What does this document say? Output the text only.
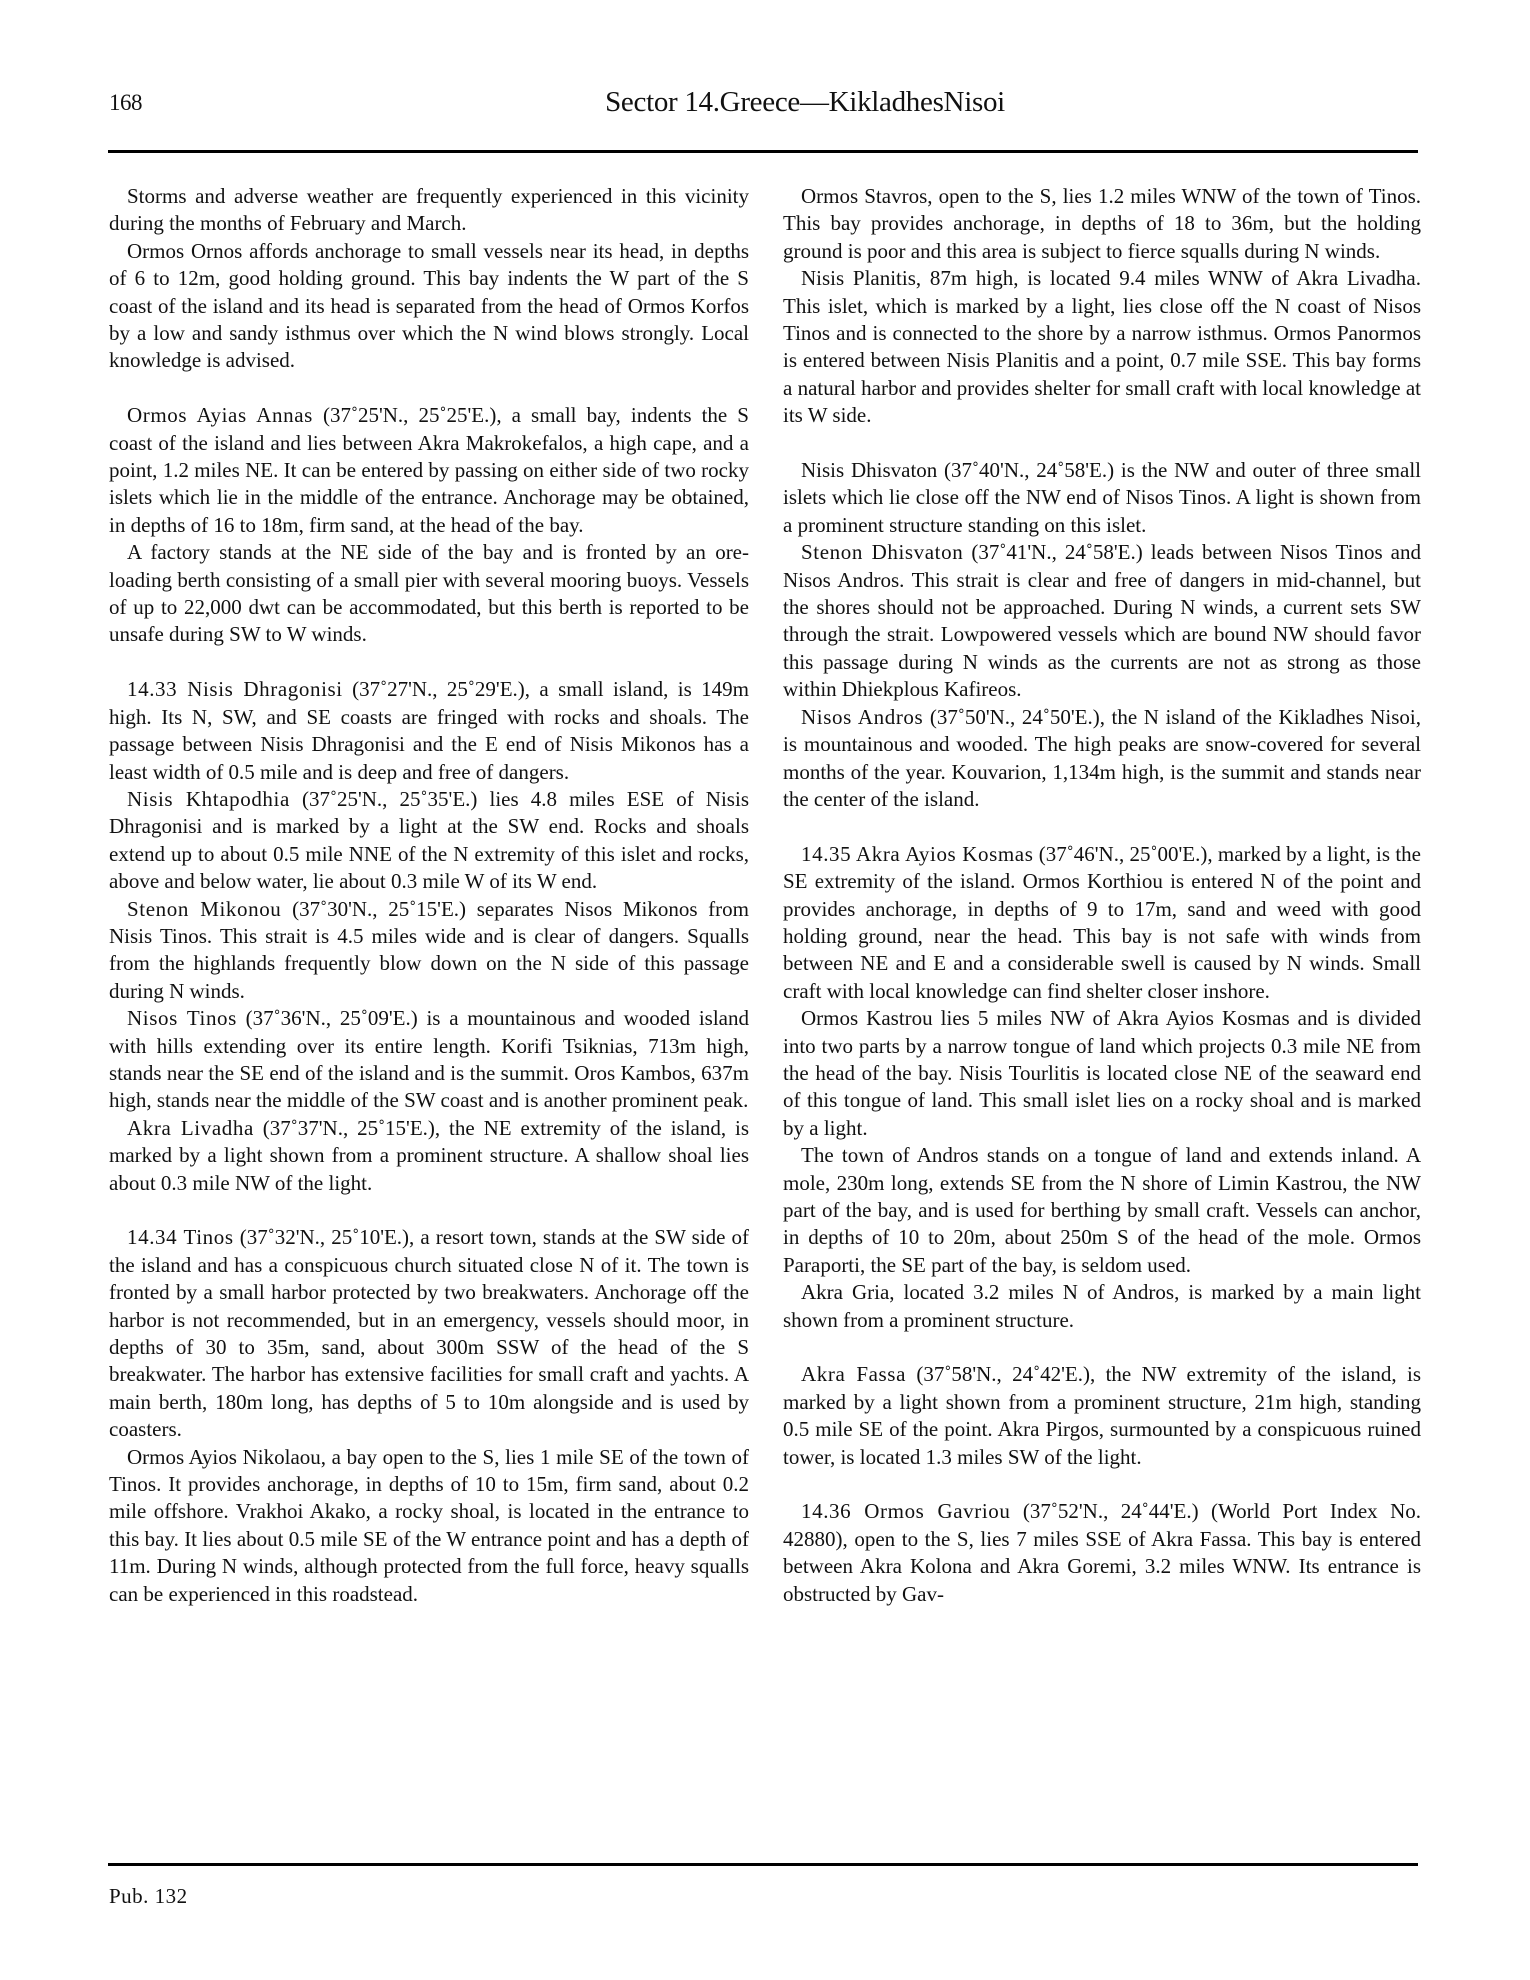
168	Sector 14.Greece—KikladhesNisoi

Storms and adverse weather are frequently experienced in this vicinity during the months of February and March.

Ormos Ornos affords anchorage to small vessels near its head, in depths of 6 to 12m, good holding ground. This bay indents the W part of the S coast of the island and its head is separated from the head of Ormos Korfos by a low and sandy isthmus over which the N wind blows strongly. Local knowledge is advised.

Ormos Ayias Annas (37˚25'N., 25˚25'E.), a small bay, indents the S coast of the island and lies between Akra Makrokefalos, a high cape, and a point, 1.2 miles NE. It can be entered by passing on either side of two rocky islets which lie in the middle of the entrance. Anchorage may be obtained, in depths of 16 to 18m, firm sand, at the head of the bay.

A factory stands at the NE side of the bay and is fronted by an ore-loading berth consisting of a small pier with several mooring buoys. Vessels of up to 22,000 dwt can be accommodated, but this berth is reported to be unsafe during SW to W winds.

14.33 Nisis Dhragonisi (37˚27'N., 25˚29'E.), a small island, is 149m high. Its N, SW, and SE coasts are fringed with rocks and shoals. The passage between Nisis Dhragonisi and the E end of Nisis Mikonos has a least width of 0.5 mile and is deep and free of dangers.

Nisis Khtapodhia (37˚25'N., 25˚35'E.) lies 4.8 miles ESE of Nisis Dhragonisi and is marked by a light at the SW end. Rocks and shoals extend up to about 0.5 mile NNE of the N extremity of this islet and rocks, above and below water, lie about 0.3 mile W of its W end.

Stenon Mikonou (37˚30'N., 25˚15'E.) separates Nisos Mikonos from Nisis Tinos. This strait is 4.5 miles wide and is clear of dangers. Squalls from the highlands frequently blow down on the N side of this passage during N winds.

Nisos Tinos (37˚36'N., 25˚09'E.) is a mountainous and wooded island with hills extending over its entire length. Korifi Tsiknias, 713m high, stands near the SE end of the island and is the summit. Oros Kambos, 637m high, stands near the middle of the SW coast and is another prominent peak.

Akra Livadha (37˚37'N., 25˚15'E.), the NE extremity of the island, is marked by a light shown from a prominent structure. A shallow shoal lies about 0.3 mile NW of the light.

14.34 Tinos (37˚32'N., 25˚10'E.), a resort town, stands at the SW side of the island and has a conspicuous church situated close N of it. The town is fronted by a small harbor protected by two breakwaters. Anchorage off the harbor is not recommended, but in an emergency, vessels should moor, in depths of 30 to 35m, sand, about 300m SSW of the head of the S breakwater. The harbor has extensive facilities for small craft and yachts. A main berth, 180m long, has depths of 5 to 10m alongside and is used by coasters.

Ormos Ayios Nikolaou, a bay open to the S, lies 1 mile SE of the town of Tinos. It provides anchorage, in depths of 10 to 15m, firm sand, about 0.2 mile offshore. Vrakhoi Akako, a rocky shoal, is located in the entrance to this bay. It lies about 0.5 mile SE of the W entrance point and has a depth of 11m. During N winds, although protected from the full force, heavy squalls can be experienced in this roadstead.

Ormos Stavros, open to the S, lies 1.2 miles WNW of the town of Tinos. This bay provides anchorage, in depths of 18 to 36m, but the holding ground is poor and this area is subject to fierce squalls during N winds.

Nisis Planitis, 87m high, is located 9.4 miles WNW of Akra Livadha. This islet, which is marked by a light, lies close off the N coast of Nisos Tinos and is connected to the shore by a narrow isthmus. Ormos Panormos is entered between Nisis Planitis and a point, 0.7 mile SSE. This bay forms a natural harbor and provides shelter for small craft with local knowledge at its W side.

Nisis Dhisvaton (37˚40'N., 24˚58'E.) is the NW and outer of three small islets which lie close off the NW end of Nisos Tinos. A light is shown from a prominent structure standing on this islet.

Stenon Dhisvaton (37˚41'N., 24˚58'E.) leads between Nisos Tinos and Nisos Andros. This strait is clear and free of dangers in mid-channel, but the shores should not be approached. During N winds, a current sets SW through the strait. Lowpowered vessels which are bound NW should favor this passage during N winds as the currents are not as strong as those within Dhiekplous Kafireos.

Nisos Andros (37˚50'N., 24˚50'E.), the N island of the Kikladhes Nisoi, is mountainous and wooded. The high peaks are snow-covered for several months of the year. Kouvarion, 1,134m high, is the summit and stands near the center of the island.

14.35 Akra Ayios Kosmas (37˚46'N., 25˚00'E.), marked by a light, is the SE extremity of the island. Ormos Korthiou is entered N of the point and provides anchorage, in depths of 9 to 17m, sand and weed with good holding ground, near the head. This bay is not safe with winds from between NE and E and a considerable swell is caused by N winds. Small craft with local knowledge can find shelter closer inshore.

Ormos Kastrou lies 5 miles NW of Akra Ayios Kosmas and is divided into two parts by a narrow tongue of land which projects 0.3 mile NE from the head of the bay. Nisis Tourlitis is located close NE of the seaward end of this tongue of land. This small islet lies on a rocky shoal and is marked by a light.

The town of Andros stands on a tongue of land and extends inland. A mole, 230m long, extends SE from the N shore of Limin Kastrou, the NW part of the bay, and is used for berthing by small craft. Vessels can anchor, in depths of 10 to 20m, about 250m S of the head of the mole. Ormos Paraporti, the SE part of the bay, is seldom used.

Akra Gria, located 3.2 miles N of Andros, is marked by a main light shown from a prominent structure.

Akra Fassa (37˚58'N., 24˚42'E.), the NW extremity of the island, is marked by a light shown from a prominent structure, 21m high, standing 0.5 mile SE of the point. Akra Pirgos, surmounted by a conspicuous ruined tower, is located 1.3 miles SW of the light.

14.36 Ormos Gavriou (37˚52'N., 24˚44'E.) (World Port Index No. 42880), open to the S, lies 7 miles SSE of Akra Fassa. This bay is entered between Akra Kolona and Akra Goremi, 3.2 miles WNW. Its entrance is obstructed by Gav-

Pub. 132
